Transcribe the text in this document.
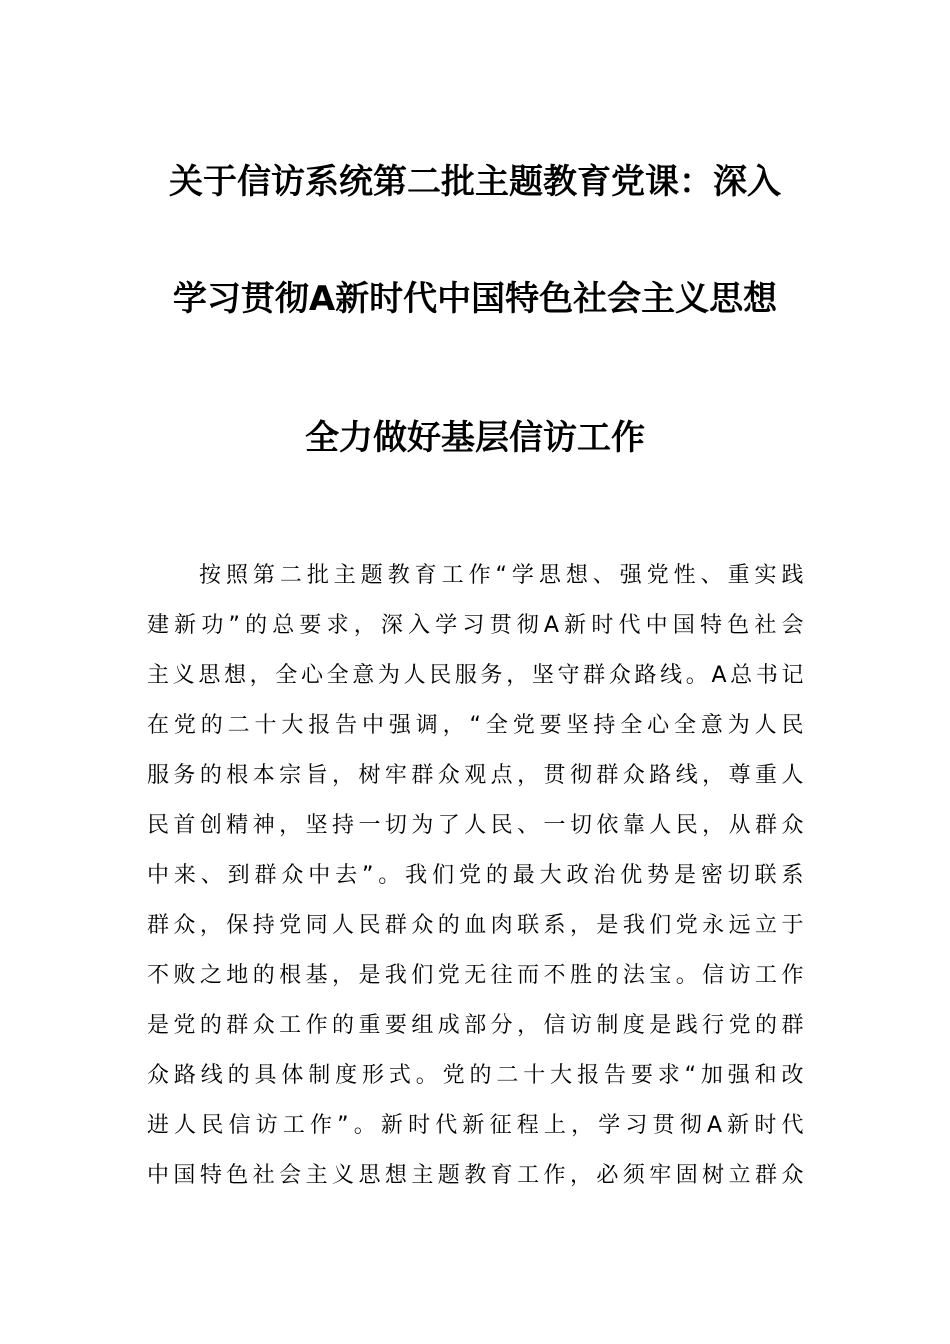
关于信访系统第二批主题教育党课：深入
学习贯彻A新时代中国特色社会主义思想
全力做好基层信访工作
按照第二批主题教育工作“学思想、强党性、重实践
建新功”的总要求，深入学习贯彻A新时代中国特色社会
主义思想，全心全意为人民服务，坚守群众路线。A总书记
在党的二十大报告中强调，“全党要坚持全心全意为人民
服务的根本宗旨，树牢群众观点，贯彻群众路线，尊重人
民首创精神，坚持一切为了人民、一切依靠人民，从群众
中来、到群众中去”。我们党的最大政治优势是密切联系
群众，保持党同人民群众的血肉联系，是我们党永远立于
不败之地的根基，是我们党无往而不胜的法宝。信访工作
是党的群众工作的重要组成部分，信访制度是践行党的群
众路线的具体制度形式。党的二十大报告要求“加强和改
进人民信访工作”。新时代新征程上，学习贯彻A新时代
中国特色社会主义思想主题教育工作，必须牢固树立群众
